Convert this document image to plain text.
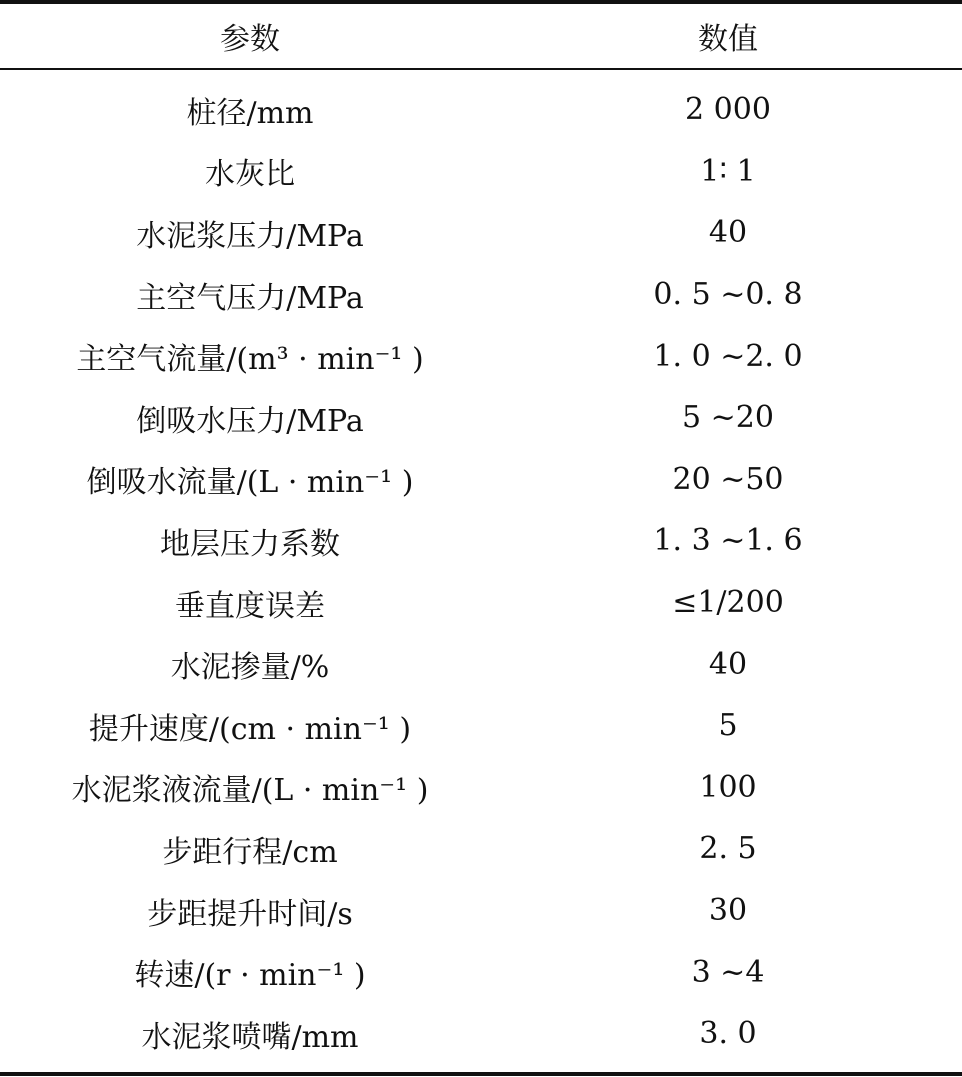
参数	数值
桩径/mm	2 000
水灰比	1∶ 1
水泥浆压力/MPa	40
主空气压力/MPa	0. 5 ~0. 8
主空气流量/(m³ · min⁻¹ )	1. 0 ~2. 0
倒吸水压力/MPa	5 ~20
倒吸水流量/(L · min⁻¹ )	20 ~50
地层压力系数	1. 3 ~1. 6
垂直度误差	≤1/200
水泥掺量/%	40
提升速度/(cm · min⁻¹ )	5
水泥浆液流量/(L · min⁻¹ )	100
步距行程/cm	2. 5
步距提升时间/s	30
转速/(r · min⁻¹ )	3 ~4
水泥浆喷嘴/mm	3. 0
